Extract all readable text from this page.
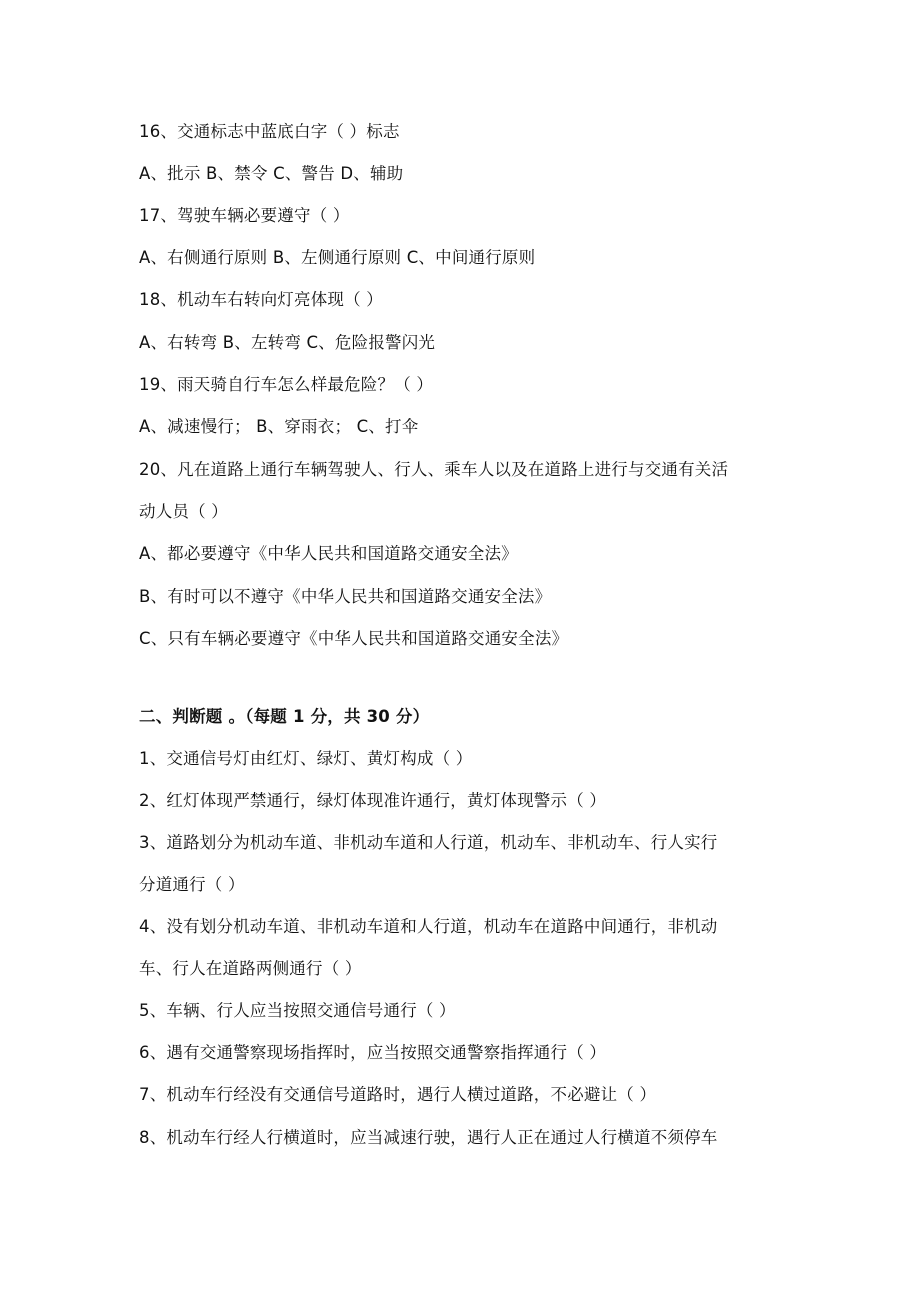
16、交通标志中蓝底白字（ ）标志
A、批示 B、禁令 C、警告 D、辅助
17、驾驶车辆必要遵守（ ）
A、右侧通行原则 B、左侧通行原则 C、中间通行原则
18、机动车右转向灯亮体现（ ）
A、右转弯 B、左转弯 C、危险报警闪光
19、雨天骑自行车怎么样最危险？（ ）
A、减速慢行； B、穿雨衣； C、打伞
20、凡在道路上通行车辆驾驶人、行人、乘车人以及在道路上进行与交通有关活
动人员（ ）
A、都必要遵守《中华人民共和国道路交通安全法》
B、有时可以不遵守《中华人民共和国道路交通安全法》
C、只有车辆必要遵守《中华人民共和国道路交通安全法》
二、判断题 。（每题 1 分，共 30 分）
1、交通信号灯由红灯、绿灯、黄灯构成（ ）
2、红灯体现严禁通行，绿灯体现准许通行，黄灯体现警示（ ）
3、道路划分为机动车道、非机动车道和人行道，机动车、非机动车、行人实行
分道通行（ ）
4、没有划分机动车道、非机动车道和人行道，机动车在道路中间通行，非机动
车、行人在道路两侧通行（ ）
5、车辆、行人应当按照交通信号通行（ ）
6、遇有交通警察现场指挥时，应当按照交通警察指挥通行（ ）
7、机动车行经没有交通信号道路时，遇行人横过道路，不必避让（ ）
8、机动车行经人行横道时，应当减速行驶，遇行人正在通过人行横道不须停车
